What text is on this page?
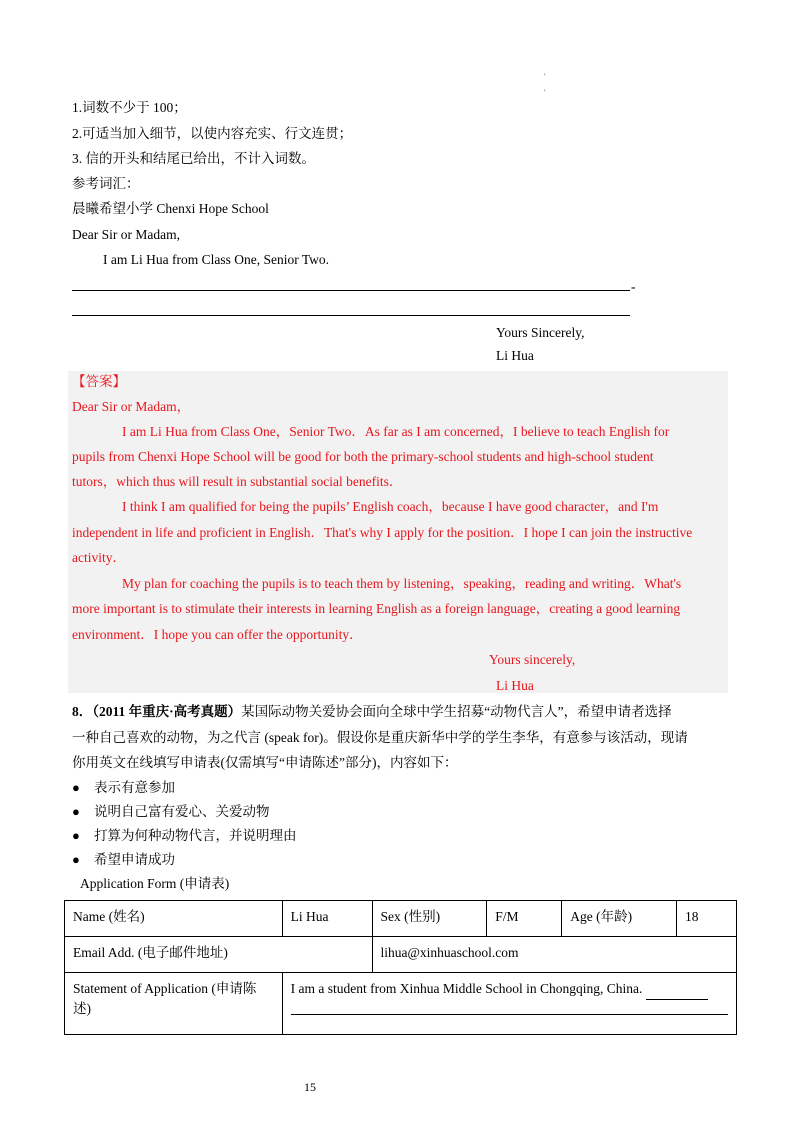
'
'
1.词数不少于 100；
2.可适当加入细节，以使内容充实、行文连贯；
3. 信的开头和结尾已给出，不计入词数。
参考词汇：
晨曦希望小学 Chenxi Hope School
Dear Sir or Madam,
I am Li Hua from Class One, Senior Two.
-
Yours Sincerely,
Li Hua
【答案】
Dear Sir or Madam，
I am Li Hua from Class One，Senior Two．As far as I am concerned，I believe to teach English for
pupils from Chenxi Hope School will be good for both the primary-school students and high-school student
tutors，which thus will result in substantial social benefits．
I think I am qualified for being the pupils’ English coach，because I have good character，and I'm
independent in life and proficient in English．That's why I apply for the position．I hope I can join the instructive
activity．
My plan for coaching the pupils is to teach them by listening，speaking，reading and writing．What's
more important is to stimulate their interests in learning English as a foreign language，creating a good learning
environment．I hope you can offer the opportunity．
Yours sincerely,
Li Hua
8．（2011 年重庆·高考真题）某国际动物关爱协会面向全球中学生招募“动物代言人”，希望申请者选择
一种自己喜欢的动物，为之代言 (speak for)。假设你是重庆新华中学的学生李华，有意参与该活动，现请
你用英文在线填写申请表(仅需填写“申请陈述”部分)，内容如下：
● 表示有意参加
● 说明自己富有爱心、关爱动物
● 打算为何种动物代言，并说明理由
● 希望申请成功
Application Form (申请表)
Name (姓名)	Li Hua	Sex (性别)	F/M	Age (年龄)	18
Email Add. (电子邮件地址)		lihua@xinhuaschool.com			
Statement of Application (申请陈述)	I am a student from Xinhua Middle School in Chongqing, China.				
15
